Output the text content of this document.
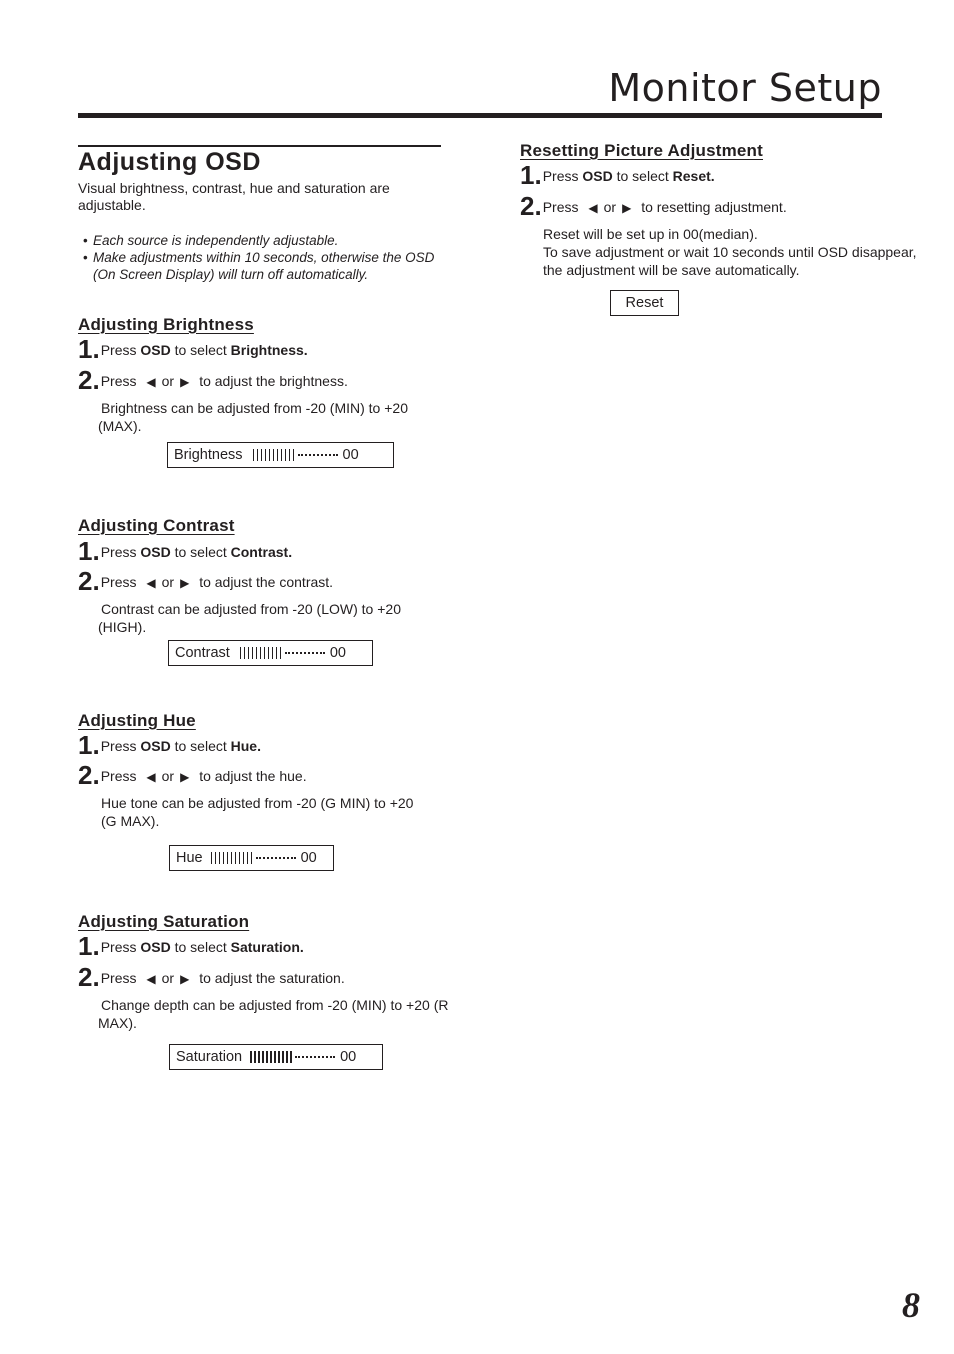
Monitor Setup
Adjusting OSD

Visual brightness, contrast, hue and saturation are adjustable.

• Each source is independently adjustable.
• Make adjustments within 10 seconds, otherwise the OSD (On Screen Display) will turn off automatically.
Adjusting Brightness
1.Press OSD to select Brightness.
2.Press ◀ or ▶ to adjust the brightness.

Brightness can be adjusted from -20 (MIN) to +20 (MAX).

Brightness	00
Adjusting Contrast
1.Press OSD to select Contrast.
2.Press ◀ or ▶ to adjust the contrast.

Contrast can be adjusted from -20 (LOW) to +20 (HIGH).

Contrast	00
Adjusting Hue
1.Press OSD to select Hue.
2.Press ◀ or ▶ to adjust the hue.

Hue tone can be adjusted from -20 (G MIN) to +20 (G MAX).

Hue	00
Adjusting Saturation
1.Press OSD to select Saturation.
2.Press ◀ or ▶ to adjust the saturation.

Change depth can be adjusted from -20 (MIN) to +20 (R MAX).

Saturation	00
Resetting Picture Adjustment
1.Press OSD to select Reset.
2.Press ◀ or ▶ to resetting adjustment.

Reset will be set up in 00(median).

To save adjustment or wait 10 seconds until OSD disappear, the adjustment will be save automatically.

Reset
8
